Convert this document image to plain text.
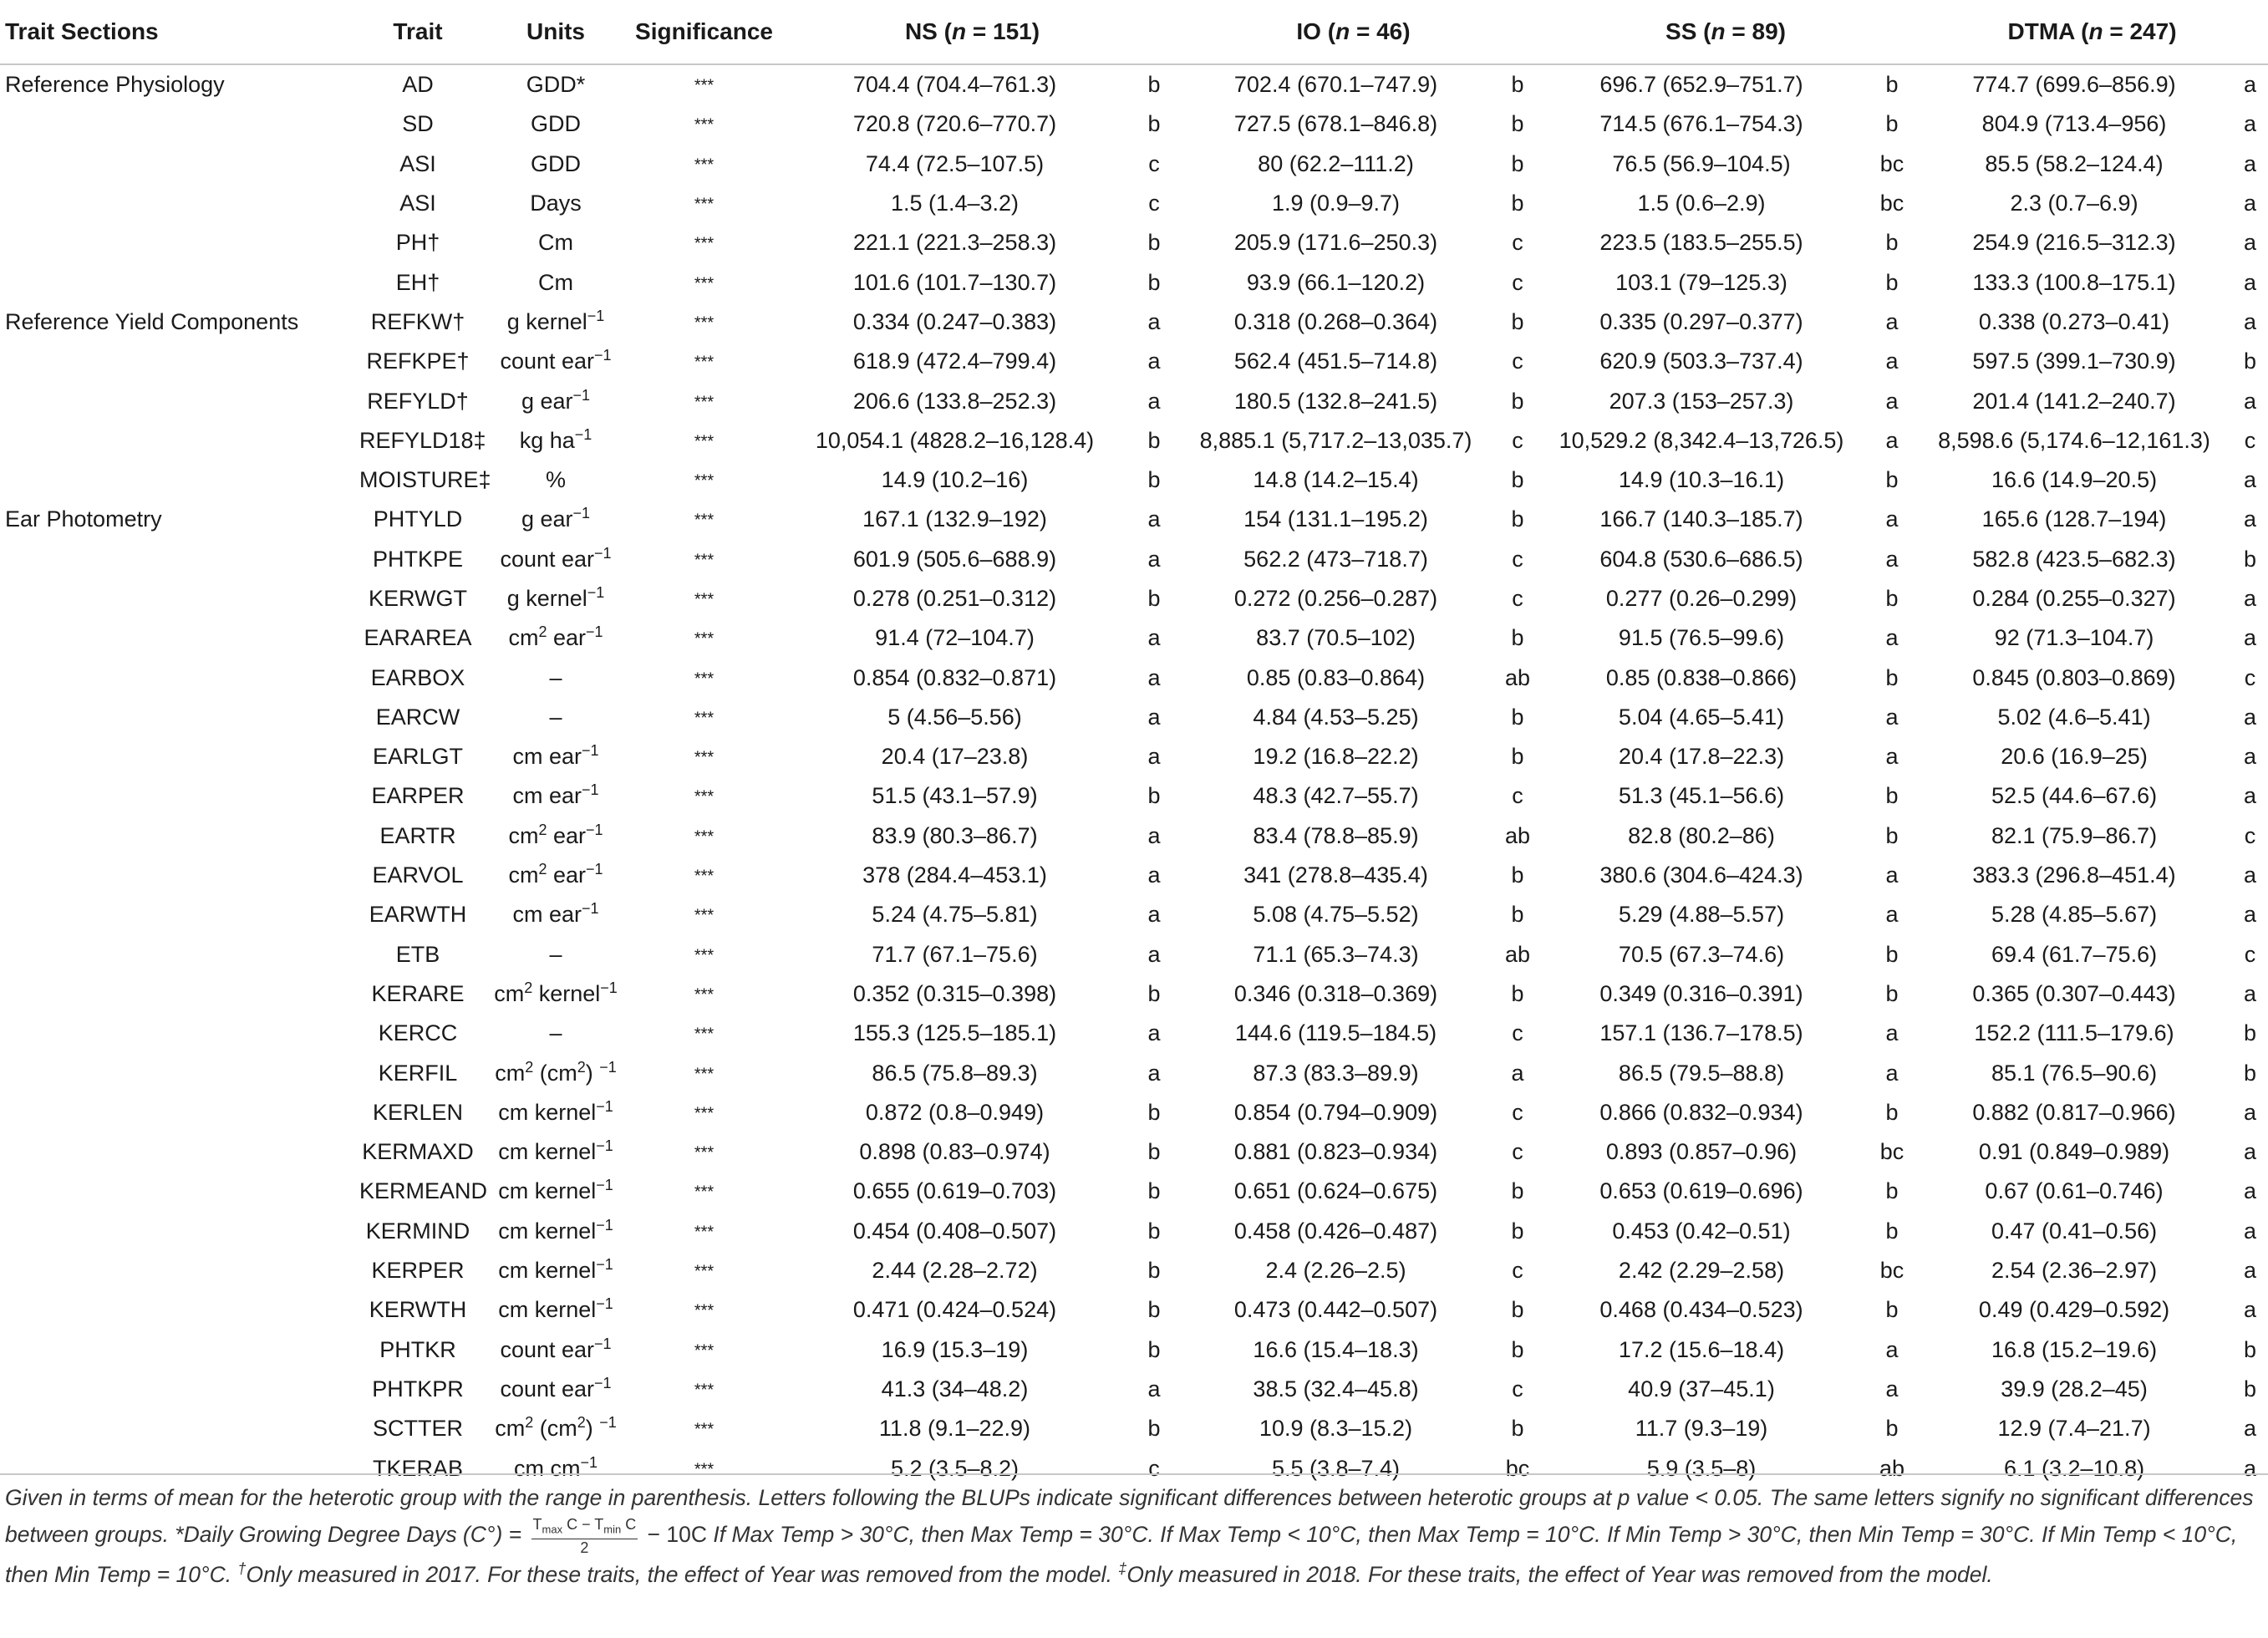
Trait Sections	Trait	Units	Significance	NS (n = 151)		IO (n = 46)		SS (n = 89)		DTMA (n = 247)	
Reference Physiology	AD	GDD*	***	704.4 (704.4–761.3)	b	702.4 (670.1–747.9)	b	696.7 (652.9–751.7)	b	774.7 (699.6–856.9)	a
	SD	GDD	***	720.8 (720.6–770.7)	b	727.5 (678.1–846.8)	b	714.5 (676.1–754.3)	b	804.9 (713.4–956)	a
	ASI	GDD	***	74.4 (72.5–107.5)	c	80 (62.2–111.2)	b	76.5 (56.9–104.5)	bc	85.5 (58.2–124.4)	a
	ASI	Days	***	1.5 (1.4–3.2)	c	1.9 (0.9–9.7)	b	1.5 (0.6–2.9)	bc	2.3 (0.7–6.9)	a
	PH†	Cm	***	221.1 (221.3–258.3)	b	205.9 (171.6–250.3)	c	223.5 (183.5–255.5)	b	254.9 (216.5–312.3)	a
	EH†	Cm	***	101.6 (101.7–130.7)	b	93.9 (66.1–120.2)	c	103.1 (79–125.3)	b	133.3 (100.8–175.1)	a
Reference Yield Components	REFKW†	g kernel$^{-1}$	***	0.334 (0.247–0.383)	a	0.318 (0.268–0.364)	b	0.335 (0.297–0.377)	a	0.338 (0.273–0.41)	a
	REFKPE†	count ear$^{-1}$	***	618.9 (472.4–799.4)	a	562.4 (451.5–714.8)	c	620.9 (503.3–737.4)	a	597.5 (399.1–730.9)	b
	REFYLD†	g ear$^{-1}$	***	206.6 (133.8–252.3)	a	180.5 (132.8–241.5)	b	207.3 (153–257.3)	a	201.4 (141.2–240.7)	a
	REFYLD18‡	kg $ha^{-1}$	***	10,054.1 (4828.2–16,128.4)	b	8,885.1 (5,717.2–13,035.7)	c	10,529.2 (8,342.4–13,726.5)	a	8,598.6 (5,174.6–12,161.3)	c
	MOISTURE‡	%	***	14.9 (10.2–16)	b	14.8 (14.2–15.4)	b	14.9 (10.3–16.1)	b	16.6 (14.9–20.5)	a
Ear Photometry	PHTYLD	g ear$^{-1}$	***	167.1 (132.9–192)	a	154 (131.1–195.2)	b	166.7 (140.3–185.7)	a	165.6 (128.7–194)	a
	PHTKPE	count ear$^{-1}$	***	601.9 (505.6–688.9)	a	562.2 (473–718.7)	c	604.8 (530.6–686.5)	a	582.8 (423.5–682.3)	b
	KERWGT	g kernel$^{-1}$	***	0.278 (0.251–0.312)	b	0.272 (0.256–0.287)	c	0.277 (0.26–0.299)	b	0.284 (0.255–0.327)	a
	EARAREA	$cm^2$ ear$^{-1}$	***	91.4 (72–104.7)	a	83.7 (70.5–102)	b	91.5 (76.5–99.6)	a	92 (71.3–104.7)	a
	EARBOX	–	***	0.854 (0.832–0.871)	a	0.85 (0.83–0.864)	ab	0.85 (0.838–0.866)	b	0.845 (0.803–0.869)	c
	EARCW	–	***	5 (4.56–5.56)	a	4.84 (4.53–5.25)	b	5.04 (4.65–5.41)	a	5.02 (4.6–5.41)	a
	EARLGT	cm ear$^{-1}$	***	20.4 (17–23.8)	a	19.2 (16.8–22.2)	b	20.4 (17.8–22.3)	a	20.6 (16.9–25)	a
	EARPER	cm ear$^{-1}$	***	51.5 (43.1–57.9)	b	48.3 (42.7–55.7)	c	51.3 (45.1–56.6)	b	52.5 (44.6–67.6)	a
	EARTR	$cm^2$ ear$^{-1}$	***	83.9 (80.3–86.7)	a	83.4 (78.8–85.9)	ab	82.8 (80.2–86)	b	82.1 (75.9–86.7)	c
	EARVOL	$cm^2$ ear$^{-1}$	***	378 (284.4–453.1)	a	341 (278.8–435.4)	b	380.6 (304.6–424.3)	a	383.3 (296.8–451.4)	a
	EARWTH	cm ear$^{-1}$	***	5.24 (4.75–5.81)	a	5.08 (4.75–5.52)	b	5.29 (4.88–5.57)	a	5.28 (4.85–5.67)	a
	ETB	–	***	71.7 (67.1–75.6)	a	71.1 (65.3–74.3)	ab	70.5 (67.3–74.6)	b	69.4 (61.7–75.6)	c
	KERARE	$cm^2$ kernel$^{-1}$	***	0.352 (0.315–0.398)	b	0.346 (0.318–0.369)	b	0.349 (0.316–0.391)	b	0.365 (0.307–0.443)	a
	KERCC	–	***	155.3 (125.5–185.1)	a	144.6 (119.5–184.5)	c	157.1 (136.7–178.5)	a	152.2 (111.5–179.6)	b
	KERFIL	$cm^2$ $(cm^2)$ $^{-1}$	***	86.5 (75.8–89.3)	a	87.3 (83.3–89.9)	a	86.5 (79.5–88.8)	a	85.1 (76.5–90.6)	b
	KERLEN	cm kernel$^{-1}$	***	0.872 (0.8–0.949)	b	0.854 (0.794–0.909)	c	0.866 (0.832–0.934)	b	0.882 (0.817–0.966)	a
	KERMAXD	cm kernel$^{-1}$	***	0.898 (0.83–0.974)	b	0.881 (0.823–0.934)	c	0.893 (0.857–0.96)	bc	0.91 (0.849–0.989)	a
	KERMEAND	cm kernel$^{-1}$	***	0.655 (0.619–0.703)	b	0.651 (0.624–0.675)	b	0.653 (0.619–0.696)	b	0.67 (0.61–0.746)	a
	KERMIND	cm kernel$^{-1}$	***	0.454 (0.408–0.507)	b	0.458 (0.426–0.487)	b	0.453 (0.42–0.51)	b	0.47 (0.41–0.56)	a
	KERPER	cm kernel$^{-1}$	***	2.44 (2.28–2.72)	b	2.4 (2.26–2.5)	c	2.42 (2.29–2.58)	bc	2.54 (2.36–2.97)	a
	KERWTH	cm kernel$^{-1}$	***	0.471 (0.424–0.524)	b	0.473 (0.442–0.507)	b	0.468 (0.434–0.523)	b	0.49 (0.429–0.592)	a
	PHTKR	count ear$^{-1}$	***	16.9 (15.3–19)	b	16.6 (15.4–18.3)	b	17.2 (15.6–18.4)	a	16.8 (15.2–19.6)	b
	PHTKPR	count ear$^{-1}$	***	41.3 (34–48.2)	a	38.5 (32.4–45.8)	c	40.9 (37–45.1)	a	39.9 (28.2–45)	b
	SCTTER	$cm^2$ $(cm^2)$ $^{-1}$	***	11.8 (9.1–22.9)	b	10.9 (8.3–15.2)	b	11.7 (9.3–19)	b	12.9 (7.4–21.7)	a
	TKERAB	cm $cm^{-1}$	***	5.2 (3.5–8.2)	c	5.5 (3.8–7.4)	bc	5.9 (3.5–8)	ab	6.1 (3.2–10.8)	a
Given in terms of mean for the heterotic group with the range in parenthesis. Letters following the BLUPs indicate significant differences between heterotic groups at p value < 0.05. The same letters signify no significant differences between groups. *Daily Growing Degree Days $(C^\circ) = \frac{T_{max} C - T_{min} C}{2} - 10C$ If Max Temp > 30°C, then Max Temp = 30°C. If Max Temp < 10°C, then Max Temp = 10°C. If Min Temp > 30°C, then Min Temp = 30°C. If Min Temp < 10°C, then Min Temp = 10°C. †Only measured in 2017. For these traits, the effect of Year was removed from the model. ‡Only measured in 2018. For these traits, the effect of Year was removed from the model.
